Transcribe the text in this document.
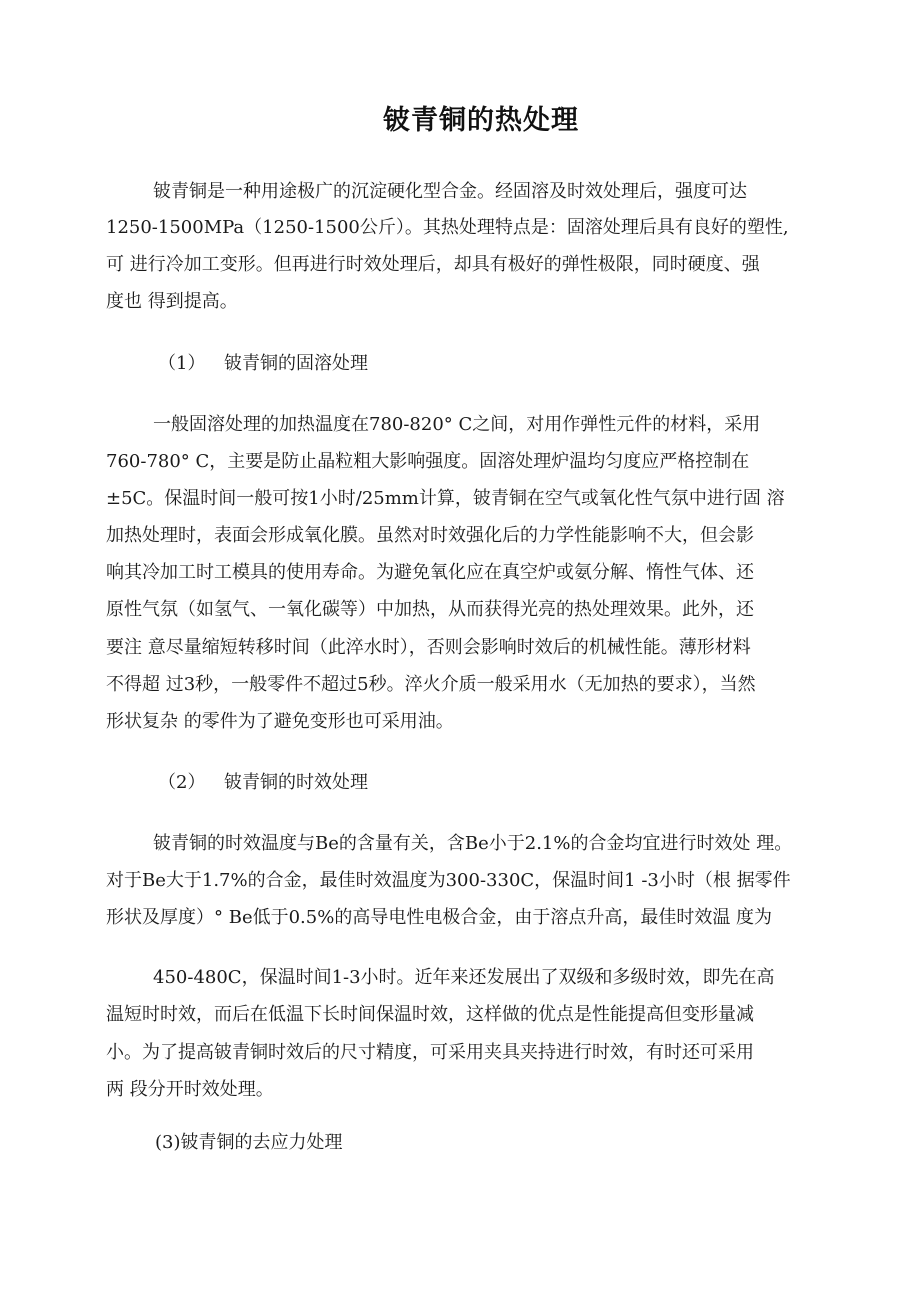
铍青铜的热处理
铍青铜是一种用途极广的沉淀硬化型合金。经固溶及时效处理后，强度可达
1250-1500MPa（1250-1500公斤）。其热处理特点是：固溶处理后具有良好的塑性,
可 进行冷加工变形。但再进行时效处理后，却具有极好的弹性极限，同时硬度、强
度也 得到提高。
（1） 铍青铜的固溶处理
一般固溶处理的加热温度在780-820° C之间，对用作弹性元件的材料，采用
760-780° C，主要是防止晶粒粗大影响强度。固溶处理炉温均匀度应严格控制在
±5C。保温时间一般可按1小时/25mm计算，铍青铜在空气或氧化性气氛中进行固 溶
加热处理时，表面会形成氧化膜。虽然对时效强化后的力学性能影响不大，但会影
响其冷加工时工模具的使用寿命。为避免氧化应在真空炉或氨分解、惰性气体、还
原性气氛（如氢气、一氧化碳等）中加热，从而获得光亮的热处理效果。此外，还
要注 意尽量缩短转移时间（此淬水时），否则会影响时效后的机械性能。薄形材料
不得超 过3秒，一般零件不超过5秒。淬火介质一般采用水（无加热的要求），当然
形状复杂 的零件为了避免变形也可采用油。
（2） 铍青铜的时效处理
铍青铜的时效温度与Be的含量有关，含Be小于2.1%的合金均宜进行时效处 理。
对于Be大于1.7%的合金，最佳时效温度为300-330C，保温时间1 -3小时（根 据零件
形状及厚度）° Be低于0.5%的高导电性电极合金，由于溶点升高，最佳时效温 度为
450-480C，保温时间1-3小时。近年来还发展出了双级和多级时效，即先在高
温短时时效，而后在低温下长时间保温时效，这样做的优点是性能提高但变形量减
小。为了提高铍青铜时效后的尺寸精度，可采用夹具夹持进行时效，有时还可采用
两 段分开时效处理。
(3)铍青铜的去应力处理
